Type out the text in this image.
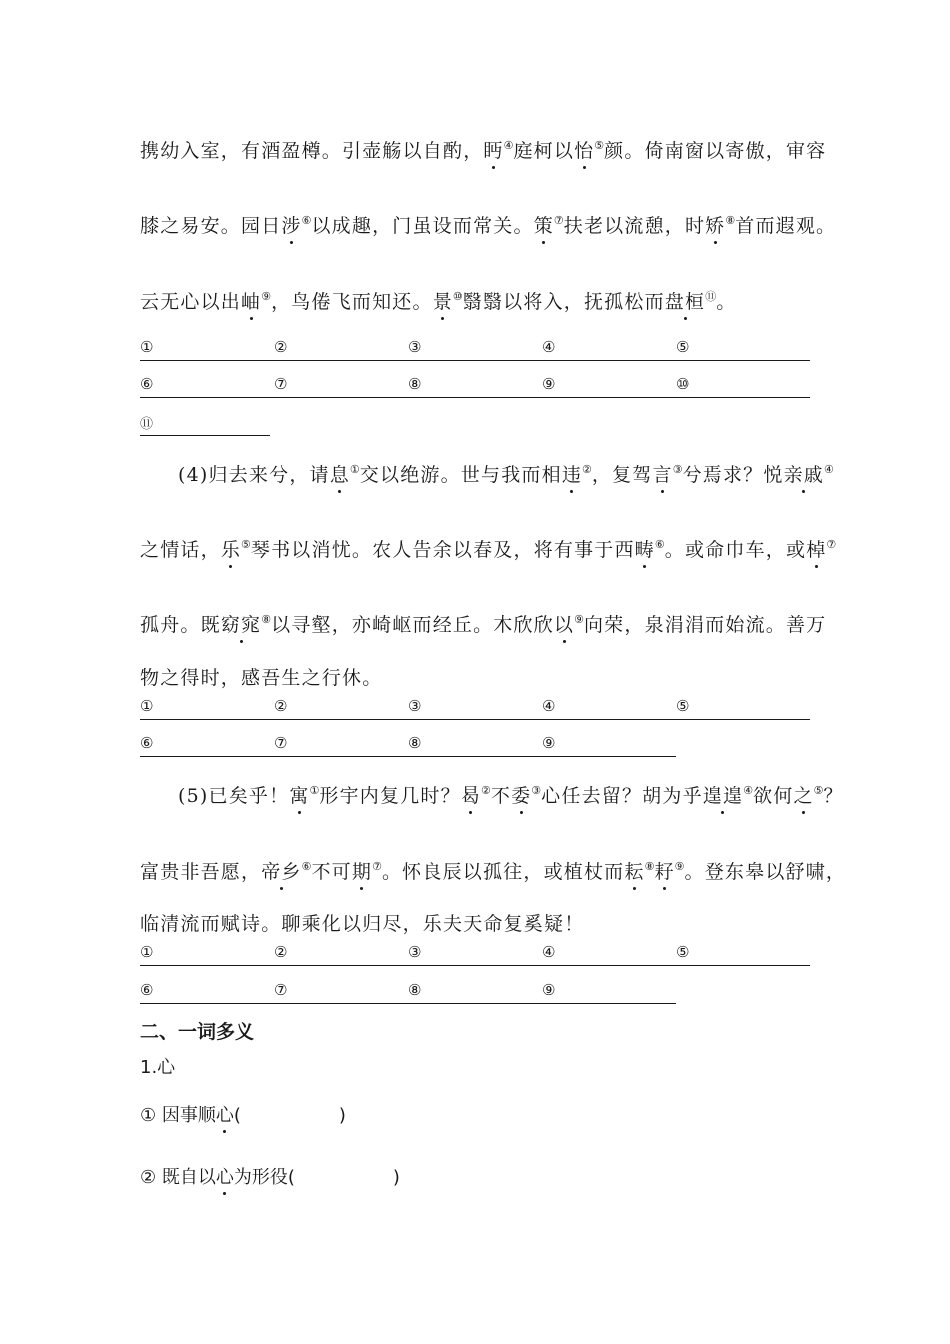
携幼入室，有酒盈樽。引壶觞以自酌，眄④庭柯以怡⑤颜。倚南窗以寄傲，审容
膝之易安。园日涉⑥以成趣，门虽设而常关。策⑦扶老以流憩，时矫⑧首而遐观。
云无心以出岫⑨，鸟倦飞而知还。景⑩翳翳以将入，抚孤松而盘桓⑪。
①	②	③	④	⑤
⑥	⑦	⑧	⑨	⑩
⑪
(4)归去来兮，请息①交以绝游。世与我而相违②，复驾言③兮焉求？悦亲戚④
之情话，乐⑤琴书以消忧。农人告余以春及，将有事于西畴⑥。或命巾车，或棹⑦
孤舟。既窈窕⑧以寻壑，亦崎岖而经丘。木欣欣以⑨向荣，泉涓涓而始流。善万
物之得时，感吾生之行休。
①	②	③	④	⑤
⑥	⑦	⑧	⑨
(5)已矣乎！寓①形宇内复几时？曷②不委③心任去留？胡为乎遑遑④欲何之⑤？
富贵非吾愿，帝乡⑥不可期⑦。怀良辰以孤往，或植杖而耘⑧耔⑨。登东皋以舒啸，
临清流而赋诗。聊乘化以归尽，乐夫天命复奚疑！
①	②	③	④	⑤
⑥	⑦	⑧	⑨
二、一词多义
1.心
① 因事顺心(	)
② 既自以心为形役(	)
